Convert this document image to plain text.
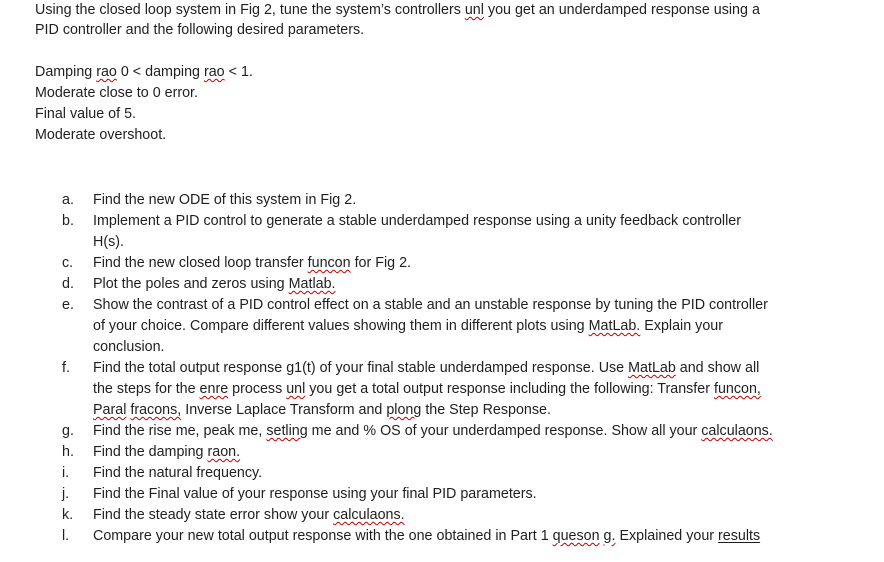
Using the closed loop system in Fig 2, tune the system’s controllers unl you get an underdamped response using a
PID controller and the following desired parameters.
Damping rao 0 < damping rao < 1.
Moderate close to 0 error.
Final value of 5.
Moderate overshoot.
a. Find the new ODE of this system in Fig 2.
b. Implement a PID control to generate a stable underdamped response using a unity feedback controller
H(s).
c. Find the new closed loop transfer funcon for Fig 2.
d. Plot the poles and zeros using Matlab.
e. Show the contrast of a PID control effect on a stable and an unstable response by tuning the PID controller
of your choice. Compare different values showing them in different plots using MatLab. Explain your
conclusion.
f. Find the total output response g1(t) of your final stable underdamped response. Use MatLab and show all
the steps for the enre process unl you get a total output response including the following: Transfer funcon,
Paral fracons, Inverse Laplace Transform and plong the Step Response.
g. Find the rise me, peak me, setling me and % OS of your underdamped response. Show all your calculaons.
h. Find the damping raon.
i. Find the natural frequency.
j. Find the Final value of your response using your final PID parameters.
k. Find the steady state error show your calculaons.
l. Compare your new total output response with the one obtained in Part 1 queson g. Explained your results
